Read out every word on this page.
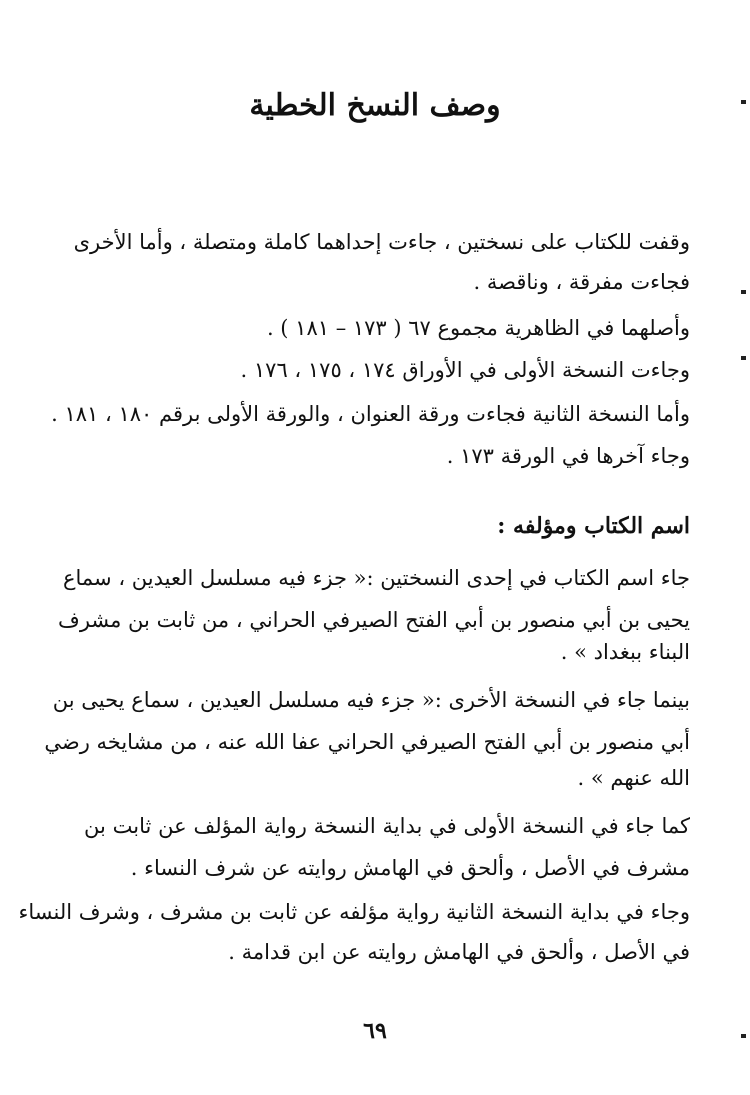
وصف النسخ الخطية
وقفت للكتاب على نسختين ، جاءت إحداهما كاملة ومتصلة ، وأما الأخرى
فجاءت مفرقة ، وناقصة .
وأصلهما في الظاهرية مجموع ٦٧ ( ١٧٣ – ١٨١ ) .
وجاءت النسخة الأولى في الأوراق ١٧٤ ، ١٧٥ ، ١٧٦ .
وأما النسخة الثانية فجاءت ورقة العنوان ، والورقة الأولى برقم ١٨٠ ، ١٨١ .
وجاء آخرها في الورقة ١٧٣ .
اسم الكتاب ومؤلفه :
جاء اسم الكتاب في إحدى النسختين :« جزء فيه مسلسل العيدين ، سماع
يحيى بن أبي منصور بن أبي الفتح الصيرفي الحراني ، من ثابت بن مشرف
البناء ببغداد » .
بينما جاء في النسخة الأخرى :« جزء فيه مسلسل العيدين ، سماع يحيى بن
أبي منصور بن أبي الفتح الصيرفي الحراني عفا الله عنه ، من مشايخه رضي
الله عنهم » .
كما جاء في النسخة الأولى في بداية النسخة رواية المؤلف عن ثابت بن
مشرف في الأصل ، وألحق في الهامش روايته عن شرف النساء .
وجاء في بداية النسخة الثانية رواية مؤلفه عن ثابت بن مشرف ، وشرف النساء
في الأصل ، وألحق في الهامش روايته عن ابن قدامة .
٦٩
